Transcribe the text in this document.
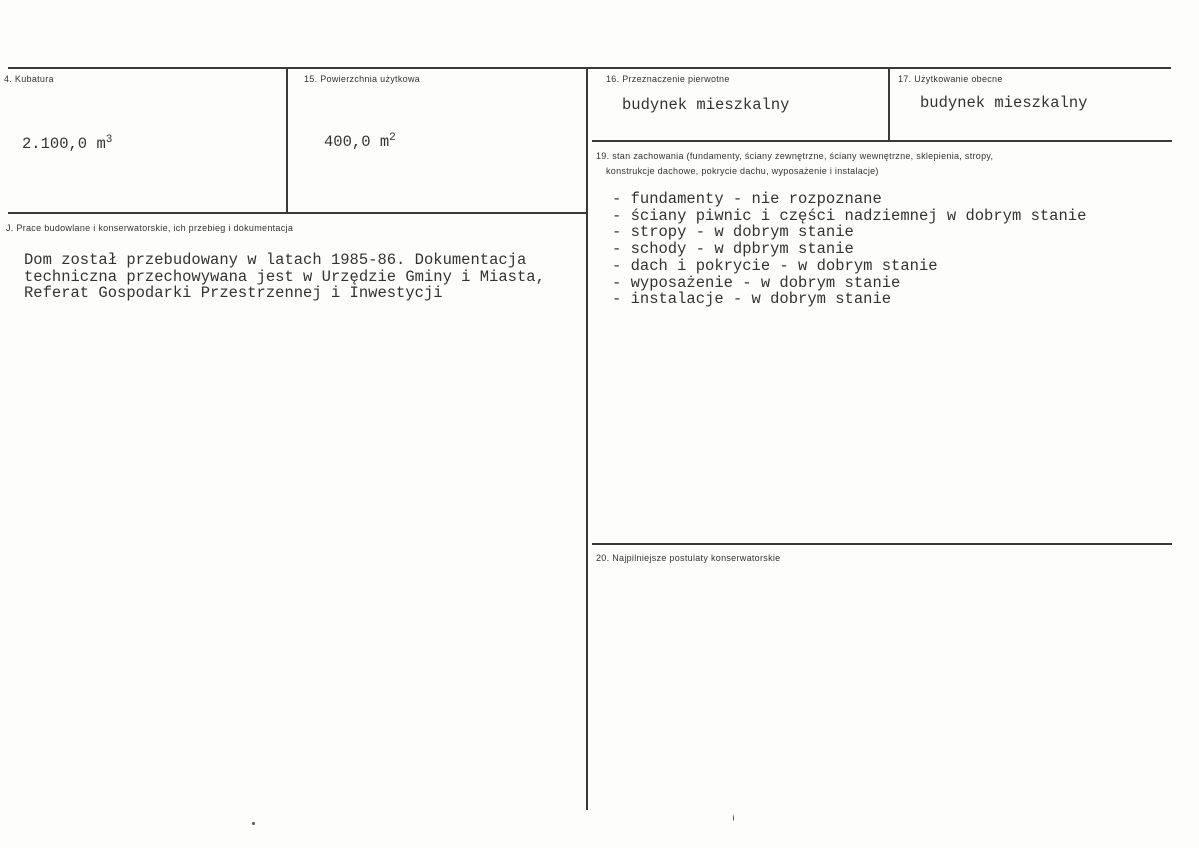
4. Kubatura
2.100,0 $m^3$
15. Powierzchnia użytkowa
400,0 $m^2$
16. Przeznaczenie pierwotne
budynek mieszkalny
17. Użytkowanie obecne
budynek mieszkalny
J. Prace budowlane i konserwatorskie, ich przebieg i dokumentacja
Dom został przebudowany w latach 1985-86. Dokumentacja
techniczna przechowywana jest w Urzędzie Gminy i Miasta,
Referat Gospodarki Przestrzennej i Inwestycji
19. stan zachowania (fundamenty, ściany zewnętrzne, ściany wewnętrzne, sklepienia, stropy,
konstrukcje dachowe, pokrycie dachu, wyposażenie i instalacje)
- fundamenty - nie rozpoznane
- ściany piwnic i części nadziemnej w dobrym stanie
- stropy - w dobrym stanie
- schody - w dpbrym stanie
- dach i pokrycie - w dobrym stanie
- wyposażenie - w dobrym stanie
- instalacje - w dobrym stanie
20. Najpilniejsze postulaty konserwatorskie
